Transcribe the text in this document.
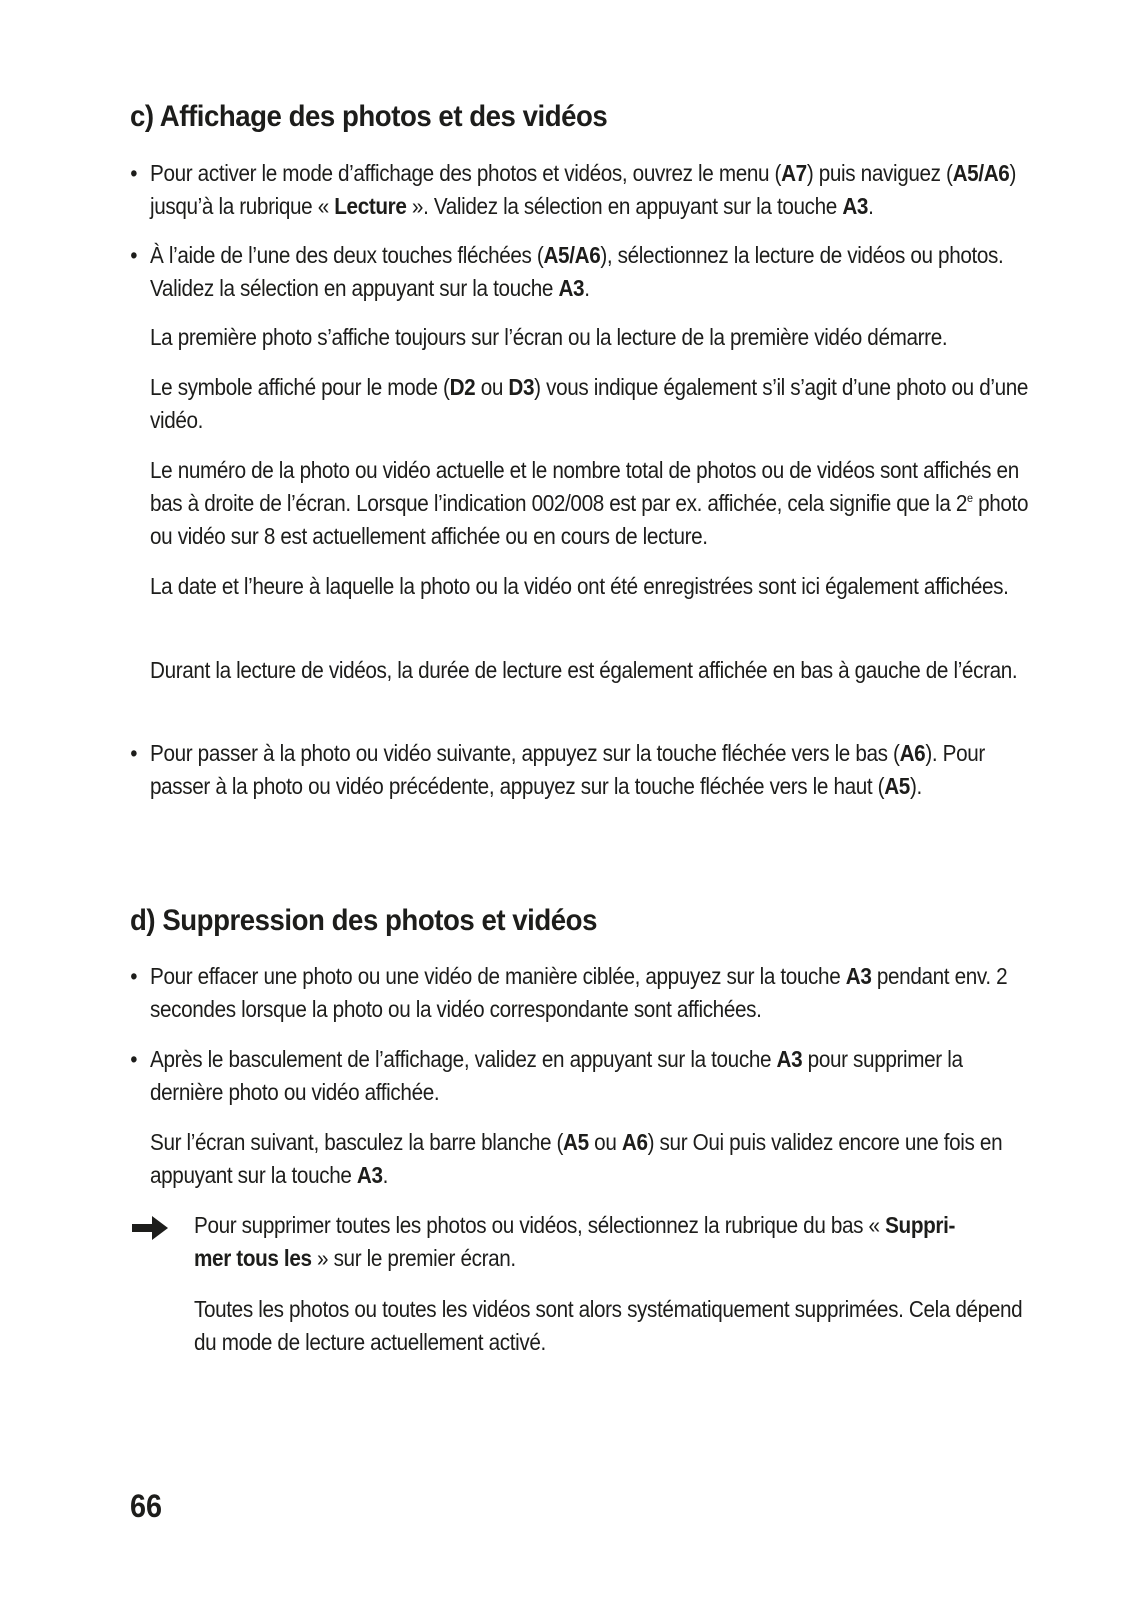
c) Affichage des photos et des vidéos

• Pour activer le mode d’affichage des photos et vidéos, ouvrez le menu (A7) puis naviguez (A5/A6) jusqu’à la rubrique « Lecture ». Validez la sélection en appuyant sur la touche A3.

• À l’aide de l’une des deux touches fléchées (A5/A6), sélectionnez la lecture de vidéos ou photos. Validez la sélection en appuyant sur la touche A3.

La première photo s’affiche toujours sur l’écran ou la lecture de la première vidéo démarre.

Le symbole affiché pour le mode (D2 ou D3) vous indique également s’il s’agit d’une photo ou d’une vidéo.

Le numéro de la photo ou vidéo actuelle et le nombre total de photos ou de vidéos sont affichés en bas à droite de l’écran. Lorsque l’indication 002/008 est par ex. affichée, cela signifie que la 2e photo ou vidéo sur 8 est actuellement affichée ou en cours de lecture.

La date et l’heure à laquelle la photo ou la vidéo ont été enregistrées sont ici également affichées.

Durant la lecture de vidéos, la durée de lecture est également affichée en bas à gauche de l’écran.

• Pour passer à la photo ou vidéo suivante, appuyez sur la touche fléchée vers le bas (A6). Pour passer à la photo ou vidéo précédente, appuyez sur la touche fléchée vers le haut (A5).

d) Suppression des photos et vidéos

• Pour effacer une photo ou une vidéo de manière ciblée, appuyez sur la touche A3 pendant env. 2 secondes lorsque la photo ou la vidéo correspondante sont affichées.

• Après le basculement de l’affichage, validez en appuyant sur la touche A3 pour supprimer la dernière photo ou vidéo affichée.

Sur l’écran suivant, basculez la barre blanche (A5 ou A6) sur Oui puis validez encore une fois en appuyant sur la touche A3.

Pour supprimer toutes les photos ou vidéos, sélectionnez la rubrique du bas « Suppri-
mer tous les » sur le premier écran.

Toutes les photos ou toutes les vidéos sont alors systématiquement supprimées. Cela dépend du mode de lecture actuellement activé.

66
